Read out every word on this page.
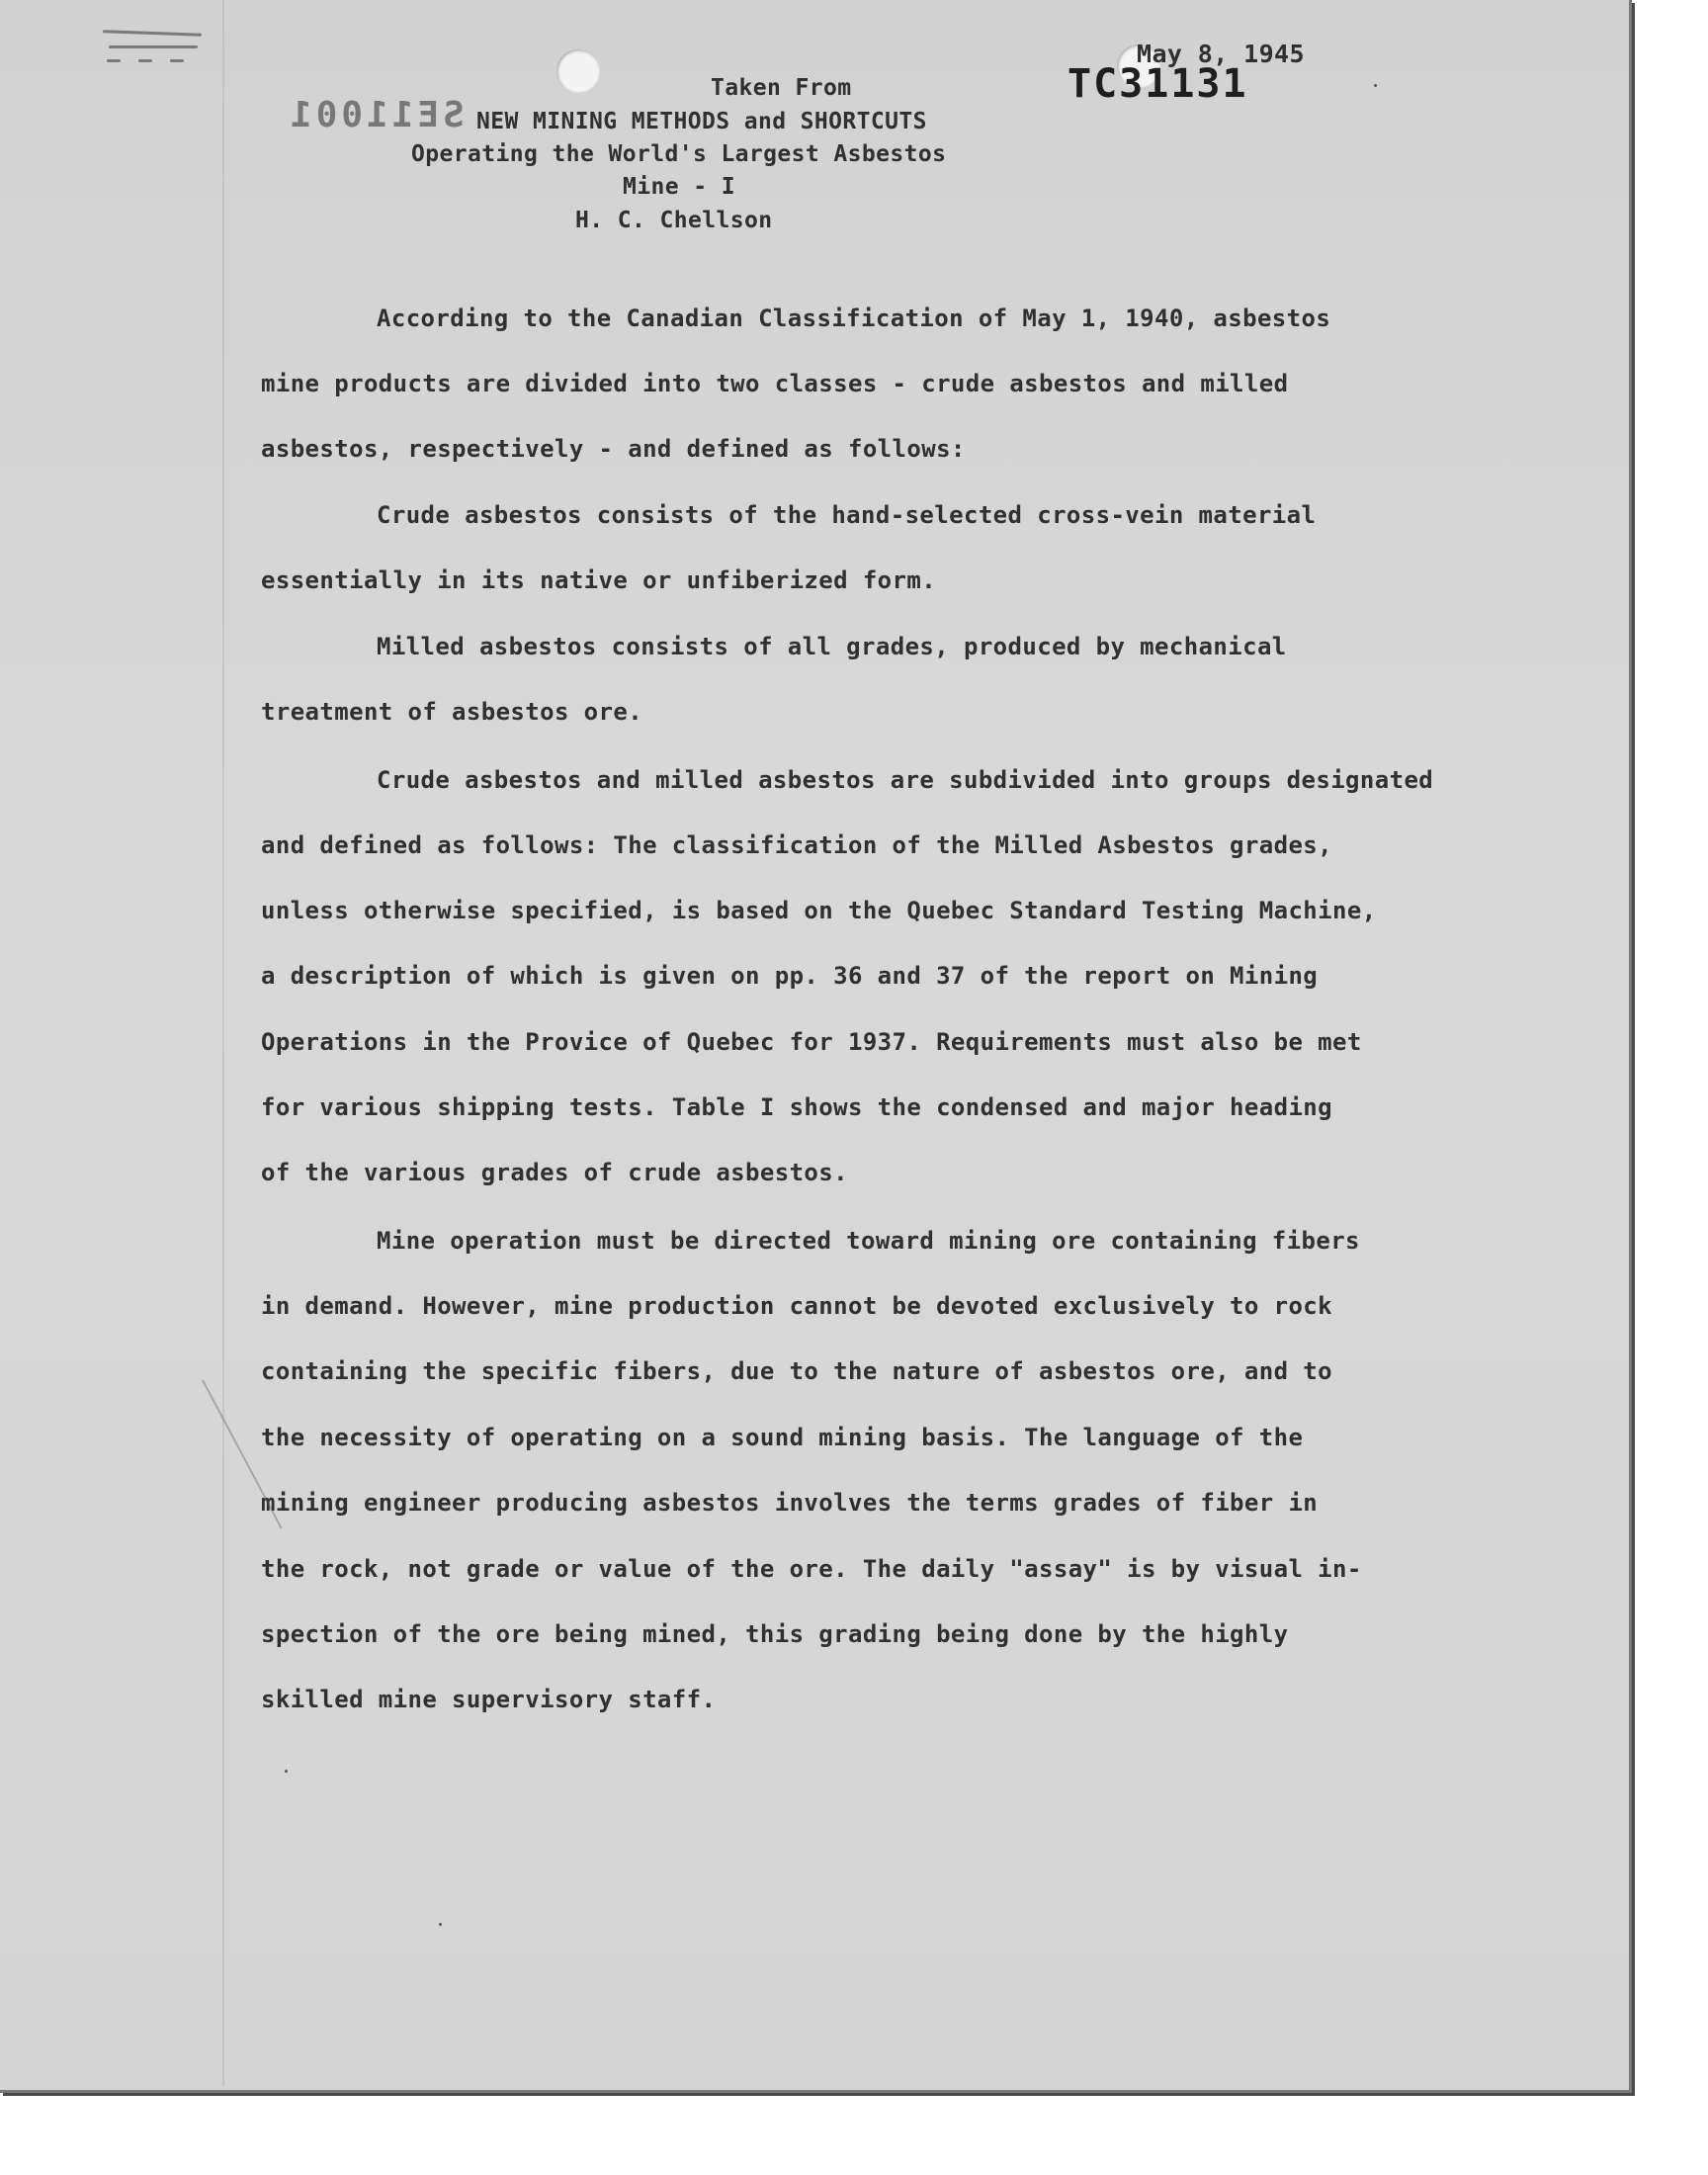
SE11001
May 8, 1945
TC31131
Taken From
NEW MINING METHODS and SHORTCUTS
Operating the World's Largest Asbestos
Mine - I
H. C. Chellson
According to the Canadian Classification of May 1, 1940, asbestos
mine products are divided into two classes - crude asbestos and milled
asbestos, respectively - and defined as follows:
Crude asbestos consists of the hand-selected cross-vein material
essentially in its native or unfiberized form.
Milled asbestos consists of all grades, produced by mechanical
treatment of asbestos ore.
Crude asbestos and milled asbestos are subdivided into groups designated
and defined as follows: The classification of the Milled Asbestos grades,
unless otherwise specified, is based on the Quebec Standard Testing Machine,
a description of which is given on pp. 36 and 37 of the report on Mining
Operations in the Provice of Quebec for 1937. Requirements must also be met
for various shipping tests. Table I shows the condensed and major heading
of the various grades of crude asbestos.
Mine operation must be directed toward mining ore containing fibers
in demand. However, mine production cannot be devoted exclusively to rock
containing the specific fibers, due to the nature of asbestos ore, and to
the necessity of operating on a sound mining basis. The language of the
mining engineer producing asbestos involves the terms grades of fiber in
the rock, not grade or value of the ore. The daily "assay" is by visual in-
spection of the ore being mined, this grading being done by the highly
skilled mine supervisory staff.
